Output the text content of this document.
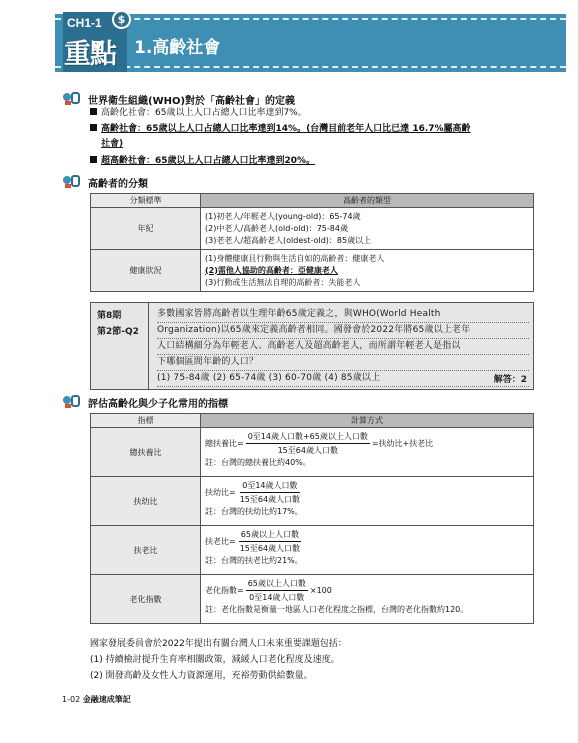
CH1-1
重點
$
1.高齡社會
世界衛生組織(WHO)對於「高齡社會」的定義
高齡化社會：65歲以上人口占總人口比率達到7%。
高齡社會：65歲以上人口占總人口比率達到14%。(台灣目前老年人口比已達 16.7%屬高齡
社會)
超高齡社會：65歲以上人口占總人口比率達到20%。
高齡者的分類
分類標準	高齡者的類型
年紀	(1)初老人/年輕老人(young-old)：65-74歲
(2)中老人/高齡老人(old-old)：75-84歲
(3)老老人/超高齡老人(oldest-old)：85歲以上

健康狀況	(1)身體健康且行動與生活自如的高齡者：健康老人
(2)需他人協助的高齡者：亞健康老人
(3)行動或生活無法自理的高齡者：失能老人
第8期
第2節-Q2
多數國家皆將高齡者以生理年齡65歲定義之，與WHO(World Health
Organization)以65歲來定義高齡者相同。國發會於2022年將65歲以上老年
人口結構細分為年輕老人、高齡老人及超高齡老人，而所謂年輕老人是指以
下哪個區間年齡的人口？
(1) 75-84歲 (2) 65-74歲 (3) 60-70歲 (4) 85歲以上	解答：2
評估高齡化與少子化常用的指標
指標	計算方式
總扶養比	總扶養比= $\frac{\text{0至14歲人口數+65歲以上人口數}}{\text{15至64歲人口數}}$ =扶幼比+扶老比
註：台灣的總扶養比約40%。

扶幼比	扶幼比= $\frac{\text{0至14歲人口數}}{\text{15至64歲人口數}}$
註：台灣的扶幼比約17%。

扶老比	扶老比= $\frac{\text{65歲以上人口數}}{\text{15至64歲人口數}}$
註：台灣的扶老比約21%。

老化指數	老化指數= $\frac{\text{65歲以上人口數}}{\text{0至14歲人口數}} \times 100$
註：老化指數是衡量一地區人口老化程度之指標，台灣的老化指數約120。
國家發展委員會於2022年提出有關台灣人口未來重要課題包括：
(1) 持續檢討提升生育率相關政策，減緩人口老化程度及速度。
(2) 開發高齡及女性人力資源運用，充裕勞動供給數量。
1-02 金融速成筆記
